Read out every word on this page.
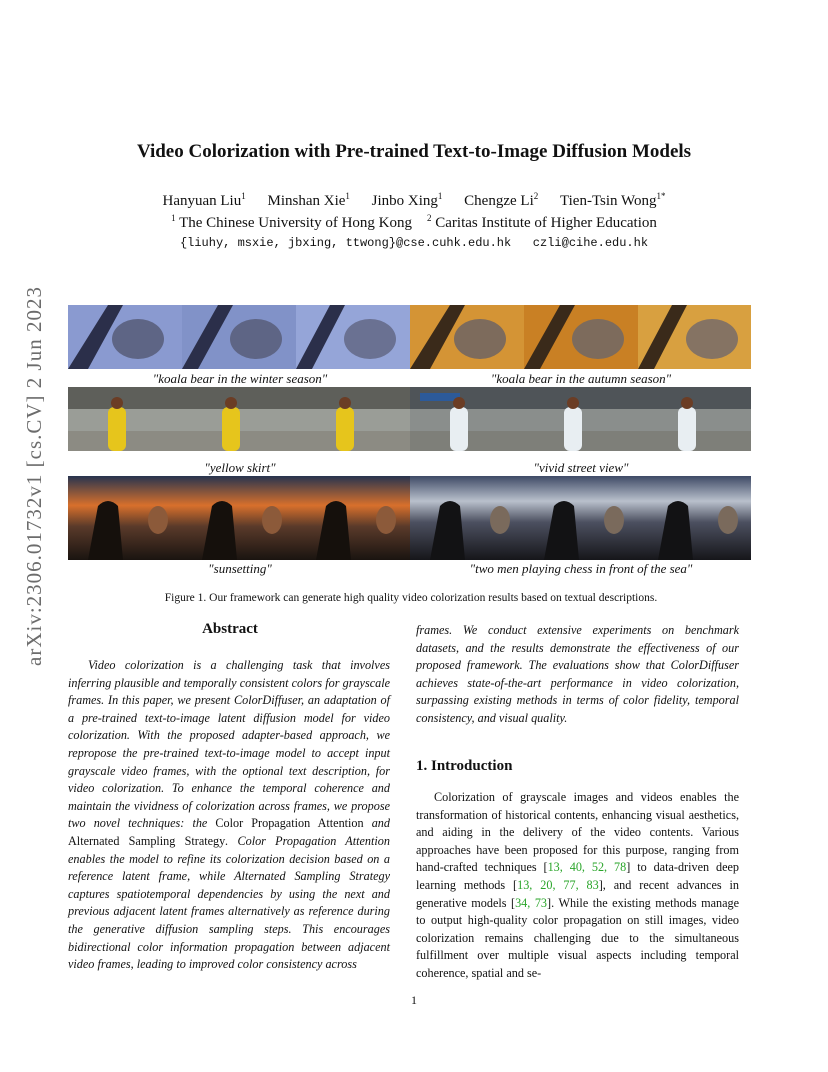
Video Colorization with Pre-trained Text-to-Image Diffusion Models
Hanyuan Liu$^1$ Minshan Xie$^1$ Jinbo Xing$^1$ Chengze Li$^2$ Tien-Tsin Wong$^{1*}$
$^1$ The Chinese University of Hong Kong $^2$ Caritas Institute of Higher Education
{liuhy, msxie, jbxing, ttwong}@cse.cuhk.edu.hk   czli@cihe.edu.hk
arXiv:2306.01732v1 [cs.CV] 2 Jun 2023	"koala bear in the winter season"	"koala bear in the autumn season"
"yellow skirt"	"vivid street view"
"sunsetting"	"two men playing chess in front of the sea"
Figure 1. Our framework can generate high quality video colorization results based on textual descriptions.
Abstract
Video colorization is a challenging task that involves inferring plausible and temporally consistent colors for grayscale frames. In this paper, we present ColorDiffuser, an adaptation of a pre-trained text-to-image latent diffusion model for video colorization. With the proposed adapter-based approach, we repropose the pre-trained text-to-image model to accept input grayscale video frames, with the optional text description, for video colorization. To enhance the temporal coherence and maintain the vividness of colorization across frames, we propose two novel techniques: the Color Propagation Attention and Alternated Sampling Strategy. Color Propagation Attention enables the model to refine its colorization decision based on a reference latent frame, while Alternated Sampling Strategy captures spatiotemporal dependencies by using the next and previous adjacent latent frames alternatively as reference during the generative diffusion sampling steps. This encourages bidirectional color information propagation between adjacent video frames, leading to improved color consistency across
frames. We conduct extensive experiments on benchmark datasets, and the results demonstrate the effectiveness of our proposed framework. The evaluations show that ColorDiffuser achieves state-of-the-art performance in video colorization, surpassing existing methods in terms of color fidelity, temporal consistency, and visual quality.
1. Introduction
Colorization of grayscale images and videos enables the transformation of historical contents, enhancing visual aesthetics, and aiding in the delivery of the video contents. Various approaches have been proposed for this purpose, ranging from hand-crafted techniques [13, 40, 52, 78] to data-driven deep learning methods [13, 20, 77, 83], and recent advances in generative models [34, 73]. While the existing methods manage to output high-quality color propagation on still images, video colorization remains challenging due to the simultaneous fulfillment over multiple visual aspects including temporal coherence, spatial and se-
1
